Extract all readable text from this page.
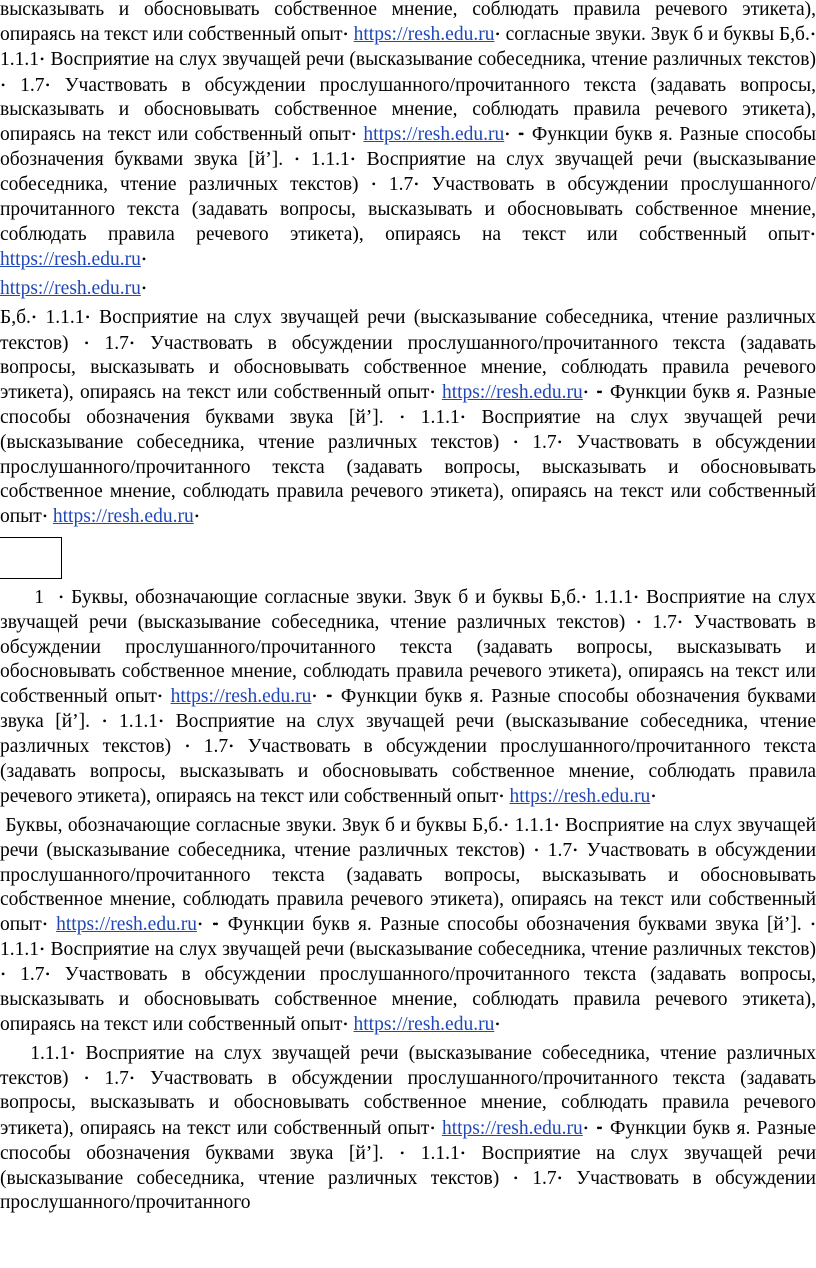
высказывать и обосновывать собственное мнение, соблюдать правила речевого этикета), опираясь на текст или собственный опыт• https://resh.edu.ru• согласные звуки. Звук б и буквы Б,б.• 1.1.1• Восприятие на слух звучащей речи (высказывание собеседника, чтение различных текстов) • 1.7• Участвовать в обсуждении прослушанного/прочитанного текста (задавать вопросы, высказывать и обосновывать собственное мнение, соблюдать правила речевого этикета), опираясь на текст или собственный опыт• https://resh.edu.ru• •• Функции букв я. Разные способы обозначения буквами звука [й’]. • 1.1.1• Восприятие на слух звучащей речи (высказывание собеседника, чтение различных текстов) • 1.7• Участвовать в обсуждении прослушанного/прочитанного текста (задавать вопросы, высказывать и обосновывать собственное мнение, соблюдать правила речевого этикета), опираясь на текст или собственный опыт• https://resh.edu.ru•

https://resh.edu.ru•

Б,б.• 1.1.1• Восприятие на слух звучащей речи (высказывание собеседника, чтение различных текстов) • 1.7• Участвовать в обсуждении прослушанного/прочитанного текста (задавать вопросы, высказывать и обосновывать собственное мнение, соблюдать правила речевого этикета), опираясь на текст или собственный опыт• https://resh.edu.ru• •• Функции букв я. Разные способы обозначения буквами звука [й’]. • 1.1.1• Восприятие на слух звучащей речи (высказывание собеседника, чтение различных текстов) • 1.7• Участвовать в обсуждении прослушанного/прочитанного текста (задавать вопросы, высказывать и обосновывать собственное мнение, соблюдать правила речевого этикета), опираясь на текст или собственный опыт• https://resh.edu.ru•

1 • Буквы, обозначающие согласные звуки. Звук б и буквы Б,б.• 1.1.1• Восприятие на слух звучащей речи (высказывание собеседника, чтение различных текстов) • 1.7• Участвовать в обсуждении прослушанного/прочитанного текста (задавать вопросы, высказывать и обосновывать собственное мнение, соблюдать правила речевого этикета), опираясь на текст или собственный опыт• https://resh.edu.ru• •• Функции букв я. Разные способы обозначения буквами звука [й’]. • 1.1.1• Восприятие на слух звучащей речи (высказывание собеседника, чтение различных текстов) • 1.7• Участвовать в обсуждении прослушанного/прочитанного текста (задавать вопросы, высказывать и обосновывать собственное мнение, соблюдать правила речевого этикета), опираясь на текст или собственный опыт• https://resh.edu.ru•

Буквы, обозначающие согласные звуки. Звук б и буквы Б,б.• 1.1.1• Восприятие на слух звучащей речи (высказывание собеседника, чтение различных текстов) • 1.7• Участвовать в обсуждении прослушанного/прочитанного текста (задавать вопросы, высказывать и обосновывать собственное мнение, соблюдать правила речевого этикета), опираясь на текст или собственный опыт• https://resh.edu.ru• •• Функции букв я. Разные способы обозначения буквами звука [й’]. • 1.1.1• Восприятие на слух звучащей речи (высказывание собеседника, чтение различных текстов) • 1.7• Участвовать в обсуждении прослушанного/прочитанного текста (задавать вопросы, высказывать и обосновывать собственное мнение, соблюдать правила речевого этикета), опираясь на текст или собственный опыт• https://resh.edu.ru•

1.1.1• Восприятие на слух звучащей речи (высказывание собеседника, чтение различных текстов) • 1.7• Участвовать в обсуждении прослушанного/прочитанного текста (задавать вопросы, высказывать и обосновывать собственное мнение, соблюдать правила речевого этикета), опираясь на текст или собственный опыт• https://resh.edu.ru• •• Функции букв я. Разные способы обозначения буквами звука [й’]. • 1.1.1• Восприятие на слух звучащей речи (высказывание собеседника, чтение различных текстов) • 1.7• Участвовать в обсуждении прослушанного/прочитанного
